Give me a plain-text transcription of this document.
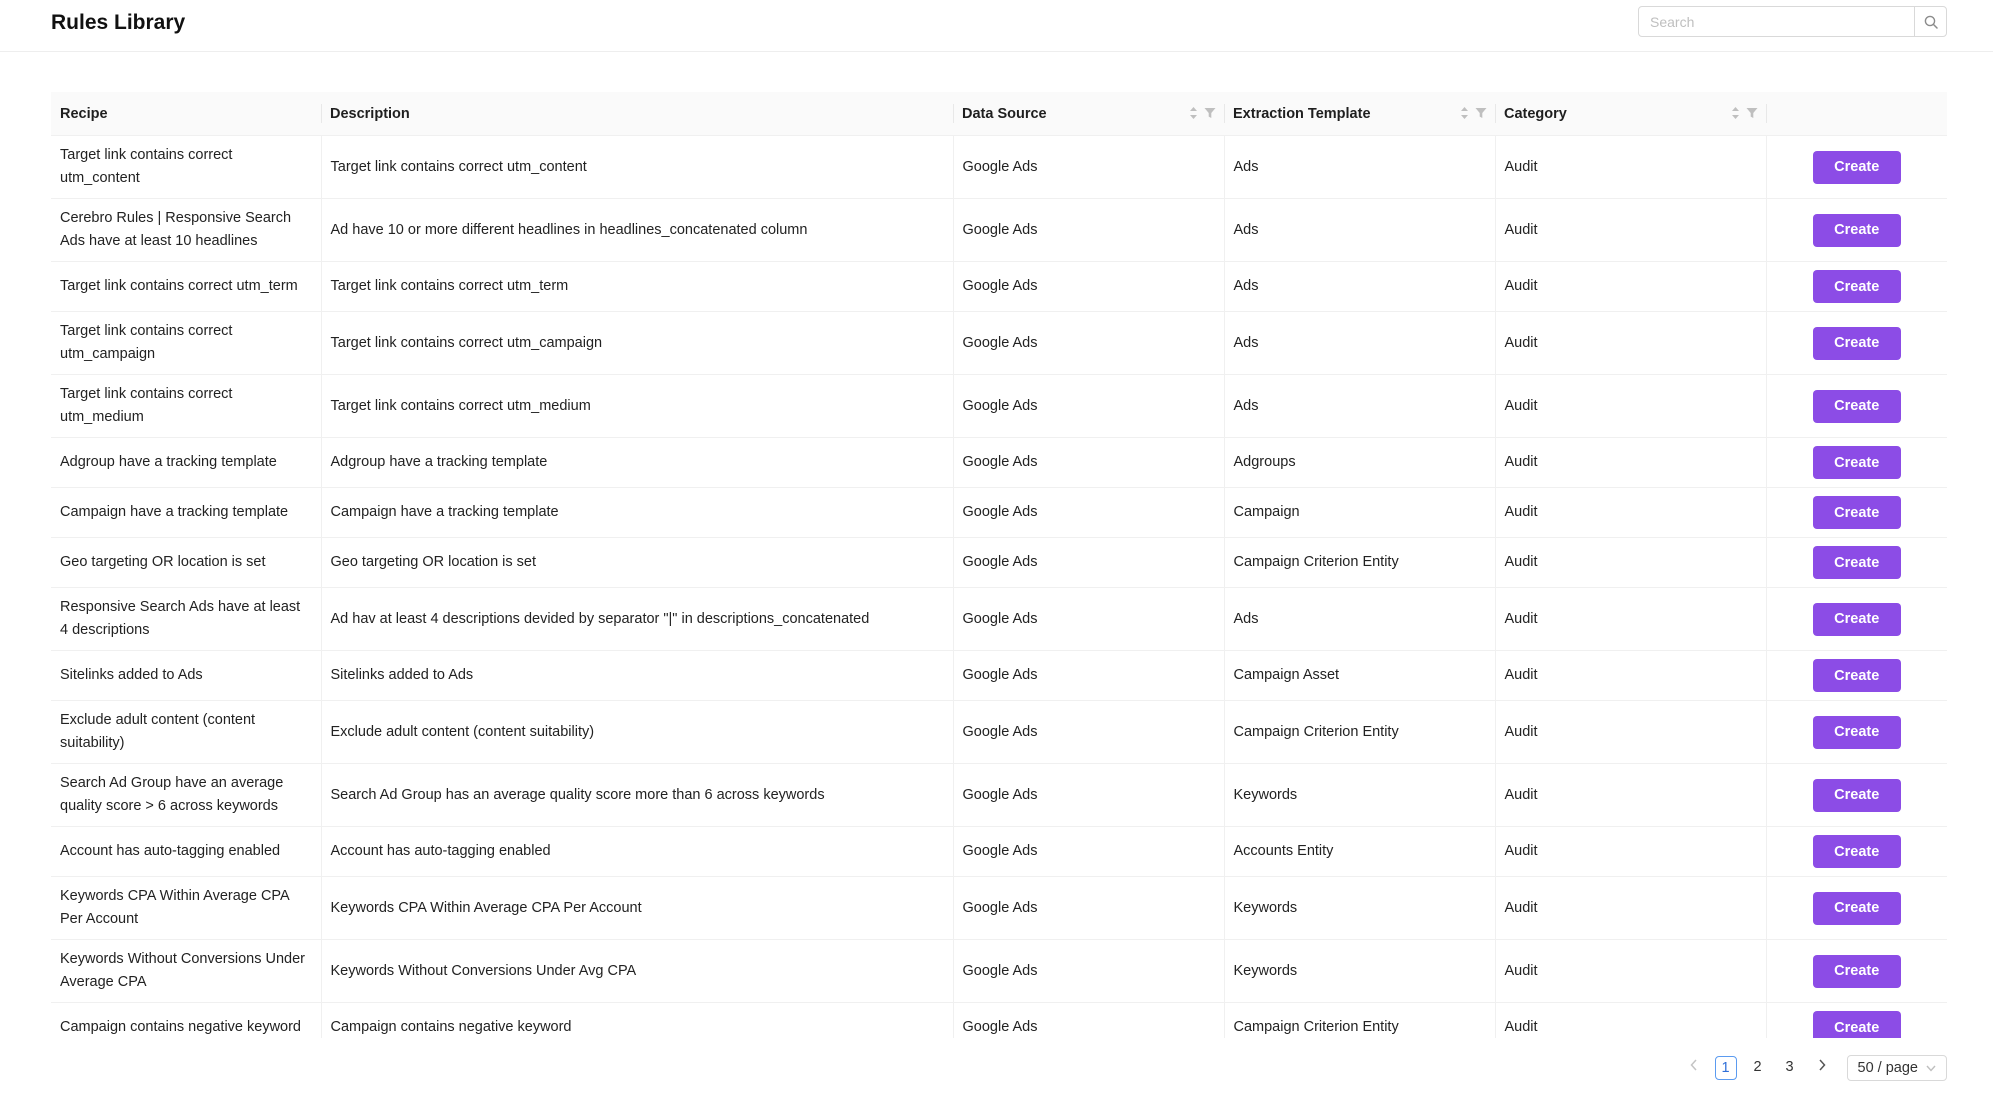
Rules Library
Search
Recipe	Description	Data Source	Extraction Template	Category

Target link contains correct utm_content	Target link contains correct utm_content	Google Ads	Ads	Audit	Create
Cerebro Rules | Responsive Search Ads have at least 10 headlines	Ad have 10 or more different headlines in headlines_concatenated column	Google Ads	Ads	Audit	Create
Target link contains correct utm_term	Target link contains correct utm_term	Google Ads	Ads	Audit	Create
Target link contains correct utm_campaign	Target link contains correct utm_campaign	Google Ads	Ads	Audit	Create
Target link contains correct utm_medium	Target link contains correct utm_medium	Google Ads	Ads	Audit	Create
Adgroup have a tracking template	Adgroup have a tracking template	Google Ads	Adgroups	Audit	Create
Campaign have a tracking template	Campaign have a tracking template	Google Ads	Campaign	Audit	Create
Geo targeting OR location is set	Geo targeting OR location is set	Google Ads	Campaign Criterion Entity	Audit	Create
Responsive Search Ads have at least 4 descriptions	Ad hav at least 4 descriptions devided by separator "|" in descriptions_concatenated	Google Ads	Ads	Audit	Create
Sitelinks added to Ads	Sitelinks added to Ads	Google Ads	Campaign Asset	Audit	Create
Exclude adult content (content suitability)	Exclude adult content (content suitability)	Google Ads	Campaign Criterion Entity	Audit	Create
Search Ad Group have an average quality score > 6 across keywords	Search Ad Group has an average quality score more than 6 across keywords	Google Ads	Keywords	Audit	Create
Account has auto-tagging enabled	Account has auto-tagging enabled	Google Ads	Accounts Entity	Audit	Create
Keywords CPA Within Average CPA Per Account	Keywords CPA Within Average CPA Per Account	Google Ads	Keywords	Audit	Create
Keywords Without Conversions Under Average CPA	Keywords Without Conversions Under Avg CPA	Google Ads	Keywords	Audit	Create
Campaign contains negative keyword	Campaign contains negative keyword	Google Ads	Campaign Criterion Entity	Audit	Create
1	2	3	50 / page
